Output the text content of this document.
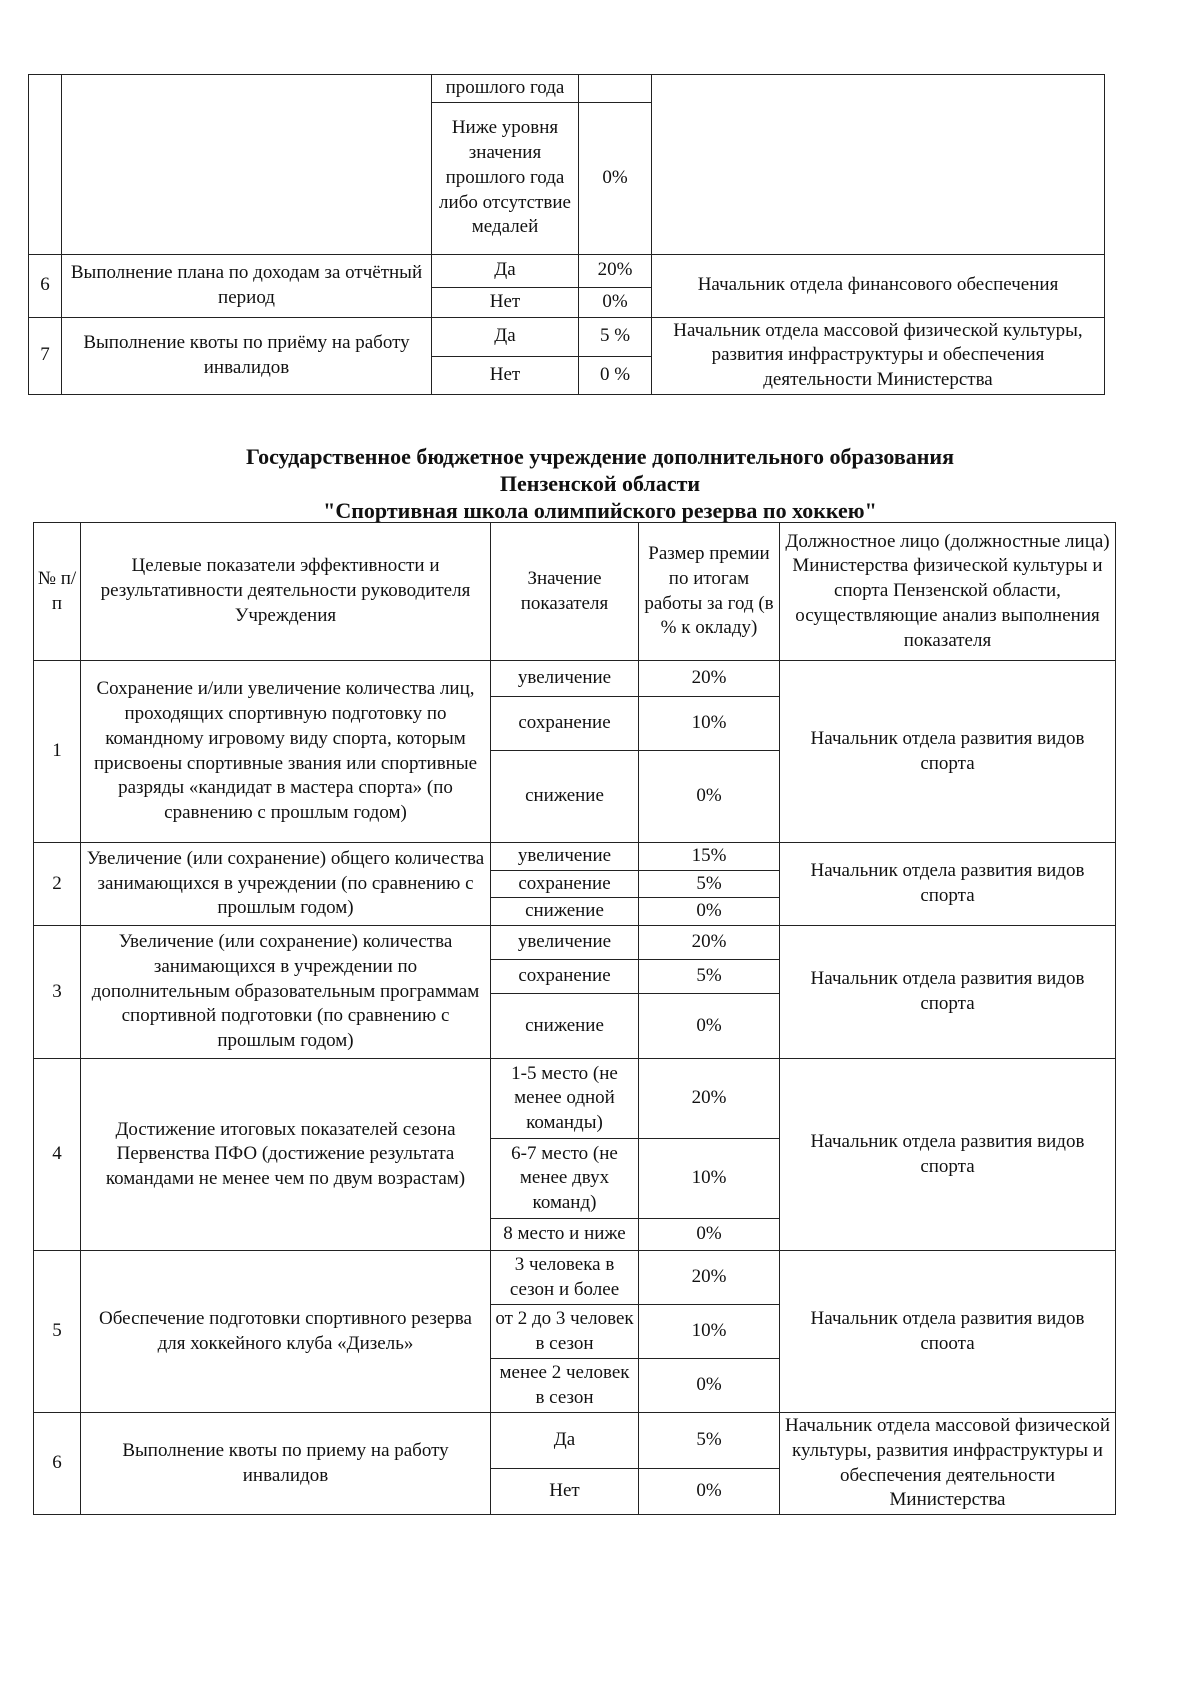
		прошлого года		
		Ниже уровня значения прошлого года либо отсутствие медалей	0%	
6	Выполнение плана по доходам за отчётный период	Да	20%	Начальник отдела финансового обеспечения
		Нет	0%	
7	Выполнение квоты по приёму на работу инвалидов	Да	5 %	Начальник отдела массовой физической культуры, развития инфраструктуры и обеспечения деятельности Министерства
		Нет	0 %	
Государственное бюджетное учреждение дополнительного образования
Пензенской области
"Спортивная школа олимпийского резерва по хоккею"
№ п/п	Целевые показатели эффективности и результативности деятельности руководителя Учреждения	Значение показателя	Размер премии по итогам работы за год (в % к окладу)	Должностное лицо (должностные лица) Министерства физической культуры и спорта Пензенской области, осуществляющие анализ выполнения показателя
1	Сохранение и/или увеличение количества лиц, проходящих спортивную подготовку по командному игровому виду спорта, которым присвоены спортивные звания или спортивные разряды «кандидат в мастера спорта» (по сравнению с прошлым годом)	увеличение	20%	Начальник отдела развития видов спорта
		сохранение	10%	
		снижение	0%	
2	Увеличение (или сохранение) общего количества занимающихся в учреждении (по сравнению с прошлым годом)	увеличение	15%	Начальник отдела развития видов спорта
		сохранение	5%	
		снижение	0%	
3	Увеличение (или сохранение) количества занимающихся в учреждении по дополнительным образовательным программам спортивной подготовки (по сравнению с прошлым годом)	увеличение	20%	Начальник отдела развития видов спорта
		сохранение	5%	
		снижение	0%	
4	Достижение итоговых показателей сезона Первенства ПФО (достижение результата командами не менее чем по двум возрастам)	1-5 место (не менее одной команды)	20%	Начальник отдела развития видов спорта
		6-7 место (не менее двух команд)	10%	
		8 место и ниже	0%	
5	Обеспечение подготовки спортивного резерва для хоккейного клуба «Дизель»	3 человека в сезон и более	20%	Начальник отдела развития видов споота
		от 2 до 3 человек в сезон	10%	
		менее 2 человек в сезон	0%	
6	Выполнение квоты по приему на работу инвалидов	Да	5%	Начальник отдела массовой физической культуры, развития инфраструктуры и обеспечения деятельности Министерства
		Нет	0%	
